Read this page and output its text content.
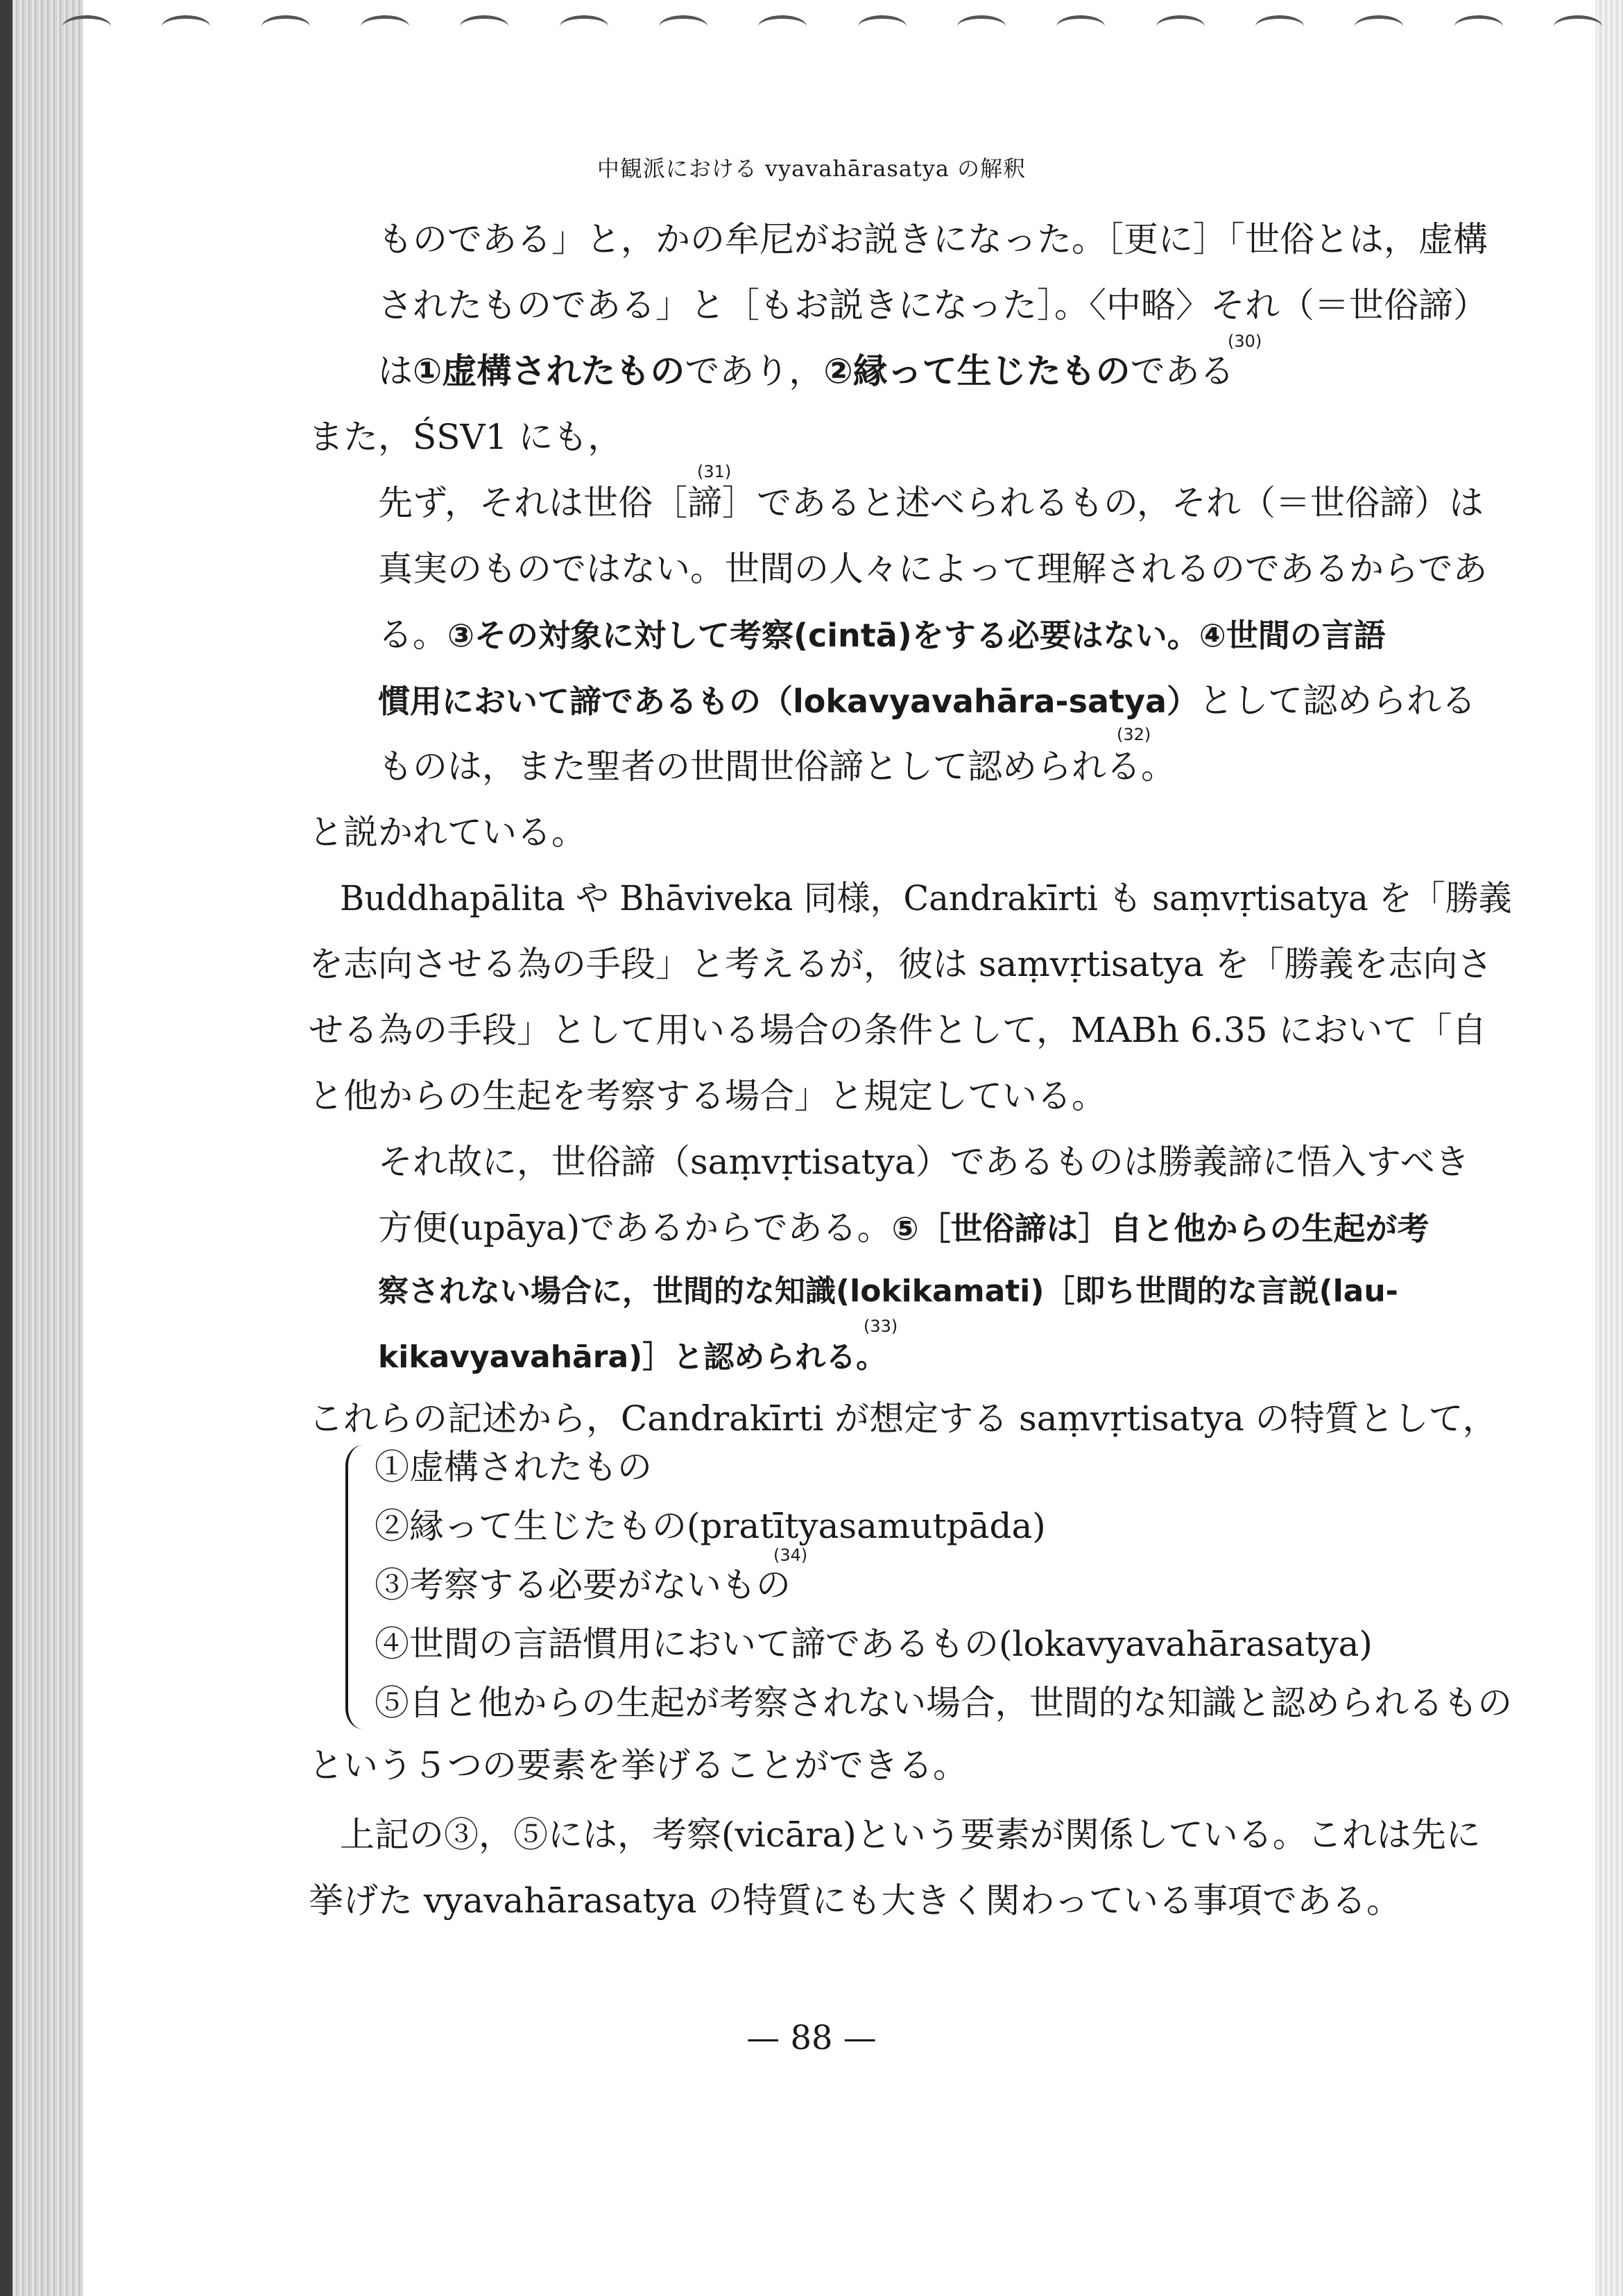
中観派における vyavahārasatya の解釈
ものである」と，かの牟尼がお説きになった。［更に］「世俗とは，虚構
されたものである」と［もお説きになった］。〈中略〉それ（＝世俗諦）
は①虚構されたものであり，②縁って生じたものである
(30)
また，ŚSV1 にも，
先ず，それは世俗［諦］であると述べられるもの，それ（＝世俗諦）は
(31)
真実のものではない。世間の人々によって理解されるのであるからであ
る。③その対象に対して考察(cintā)をする必要はない。④世間の言語
慣用において諦であるもの（lokavyavahāra-satya）として認められる
ものは，また聖者の世間世俗諦として認められる。
(32)
と説かれている。
Buddhapālita や Bhāviveka 同様，Candrakīrti も saṃvṛtisatya を「勝義
を志向させる為の手段」と考えるが，彼は saṃvṛtisatya を「勝義を志向さ
せる為の手段」として用いる場合の条件として，MABh 6.35 において「自
と他からの生起を考察する場合」と規定している。
それ故に，世俗諦（saṃvṛtisatya）であるものは勝義諦に悟入すべき
方便(upāya)であるからである。⑤［世俗諦は］自と他からの生起が考
察されない場合に，世間的な知識(lokikamati)［即ち世間的な言説(lau-
kikavyavahāra)］と認められる。
(33)
これらの記述から，Candrakīrti が想定する saṃvṛtisatya の特質として，
①虚構されたもの
②縁って生じたもの(pratītyasamutpāda)
③考察する必要がないもの
(34)
④世間の言語慣用において諦であるもの(lokavyavahārasatya)
⑤自と他からの生起が考察されない場合，世間的な知識と認められるもの
という５つの要素を挙げることができる。
上記の③，⑤には，考察(vicāra)という要素が関係している。これは先に
挙げた vyavahārasatya の特質にも大きく関わっている事項である。
— 88 —
